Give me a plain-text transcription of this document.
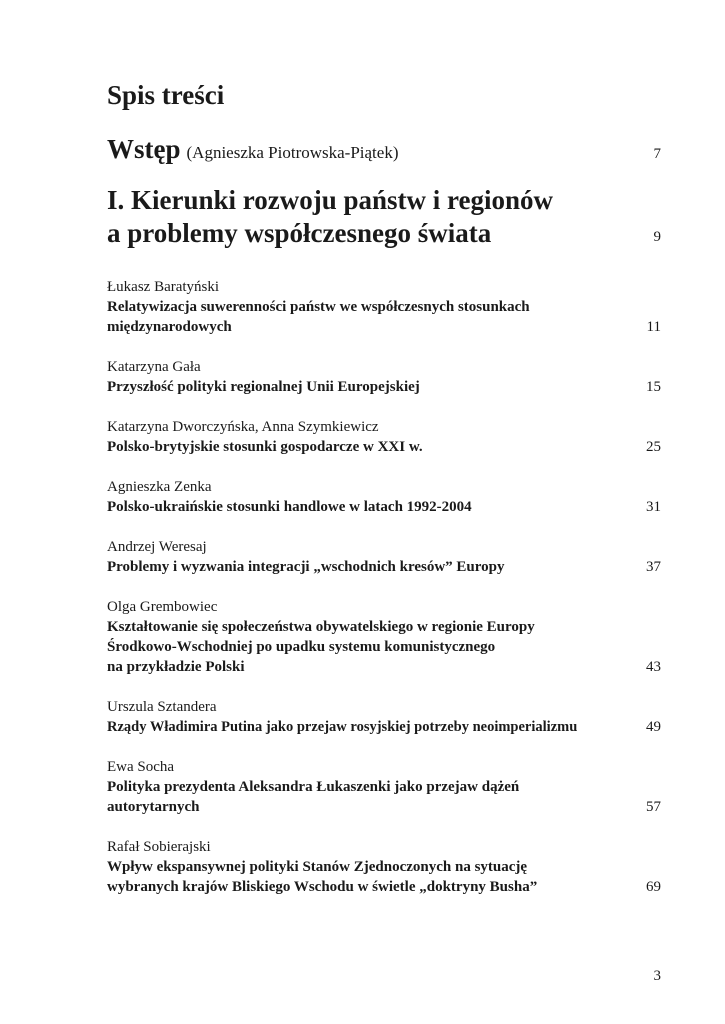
Spis treści
Wstęp (Agnieszka Piotrowska-Piątek)	7
I. Kierunki rozwoju państw i regionów
a problemy współczesnego świata	9
Łukasz Baratyński
Relatywizacja suwerenności państw we współczesnych stosunkach
międzynarodowych	11
Katarzyna Gała
Przyszłość polityki regionalnej Unii Europejskiej	15
Katarzyna Dworczyńska, Anna Szymkiewicz
Polsko-brytyjskie stosunki gospodarcze w XXI w.	25
Agnieszka Zenka
Polsko-ukraińskie stosunki handlowe w latach 1992-2004	31
Andrzej Weresaj
Problemy i wyzwania integracji „wschodnich kresów” Europy	37
Olga Grembowiec
Kształtowanie się społeczeństwa obywatelskiego w regionie Europy
Środkowo-Wschodniej po upadku systemu komunistycznego
na przykładzie Polski	43
Urszula Sztandera
Rządy Władimira Putina jako przejaw rosyjskiej potrzeby neoimperializmu	49
Ewa Socha
Polityka prezydenta Aleksandra Łukaszenki jako przejaw dążeń
autorytarnych	57
Rafał Sobierajski
Wpływ ekspansywnej polityki Stanów Zjednoczonych na sytuację
wybranych krajów Bliskiego Wschodu w świetle „doktryny Busha”	69
3
